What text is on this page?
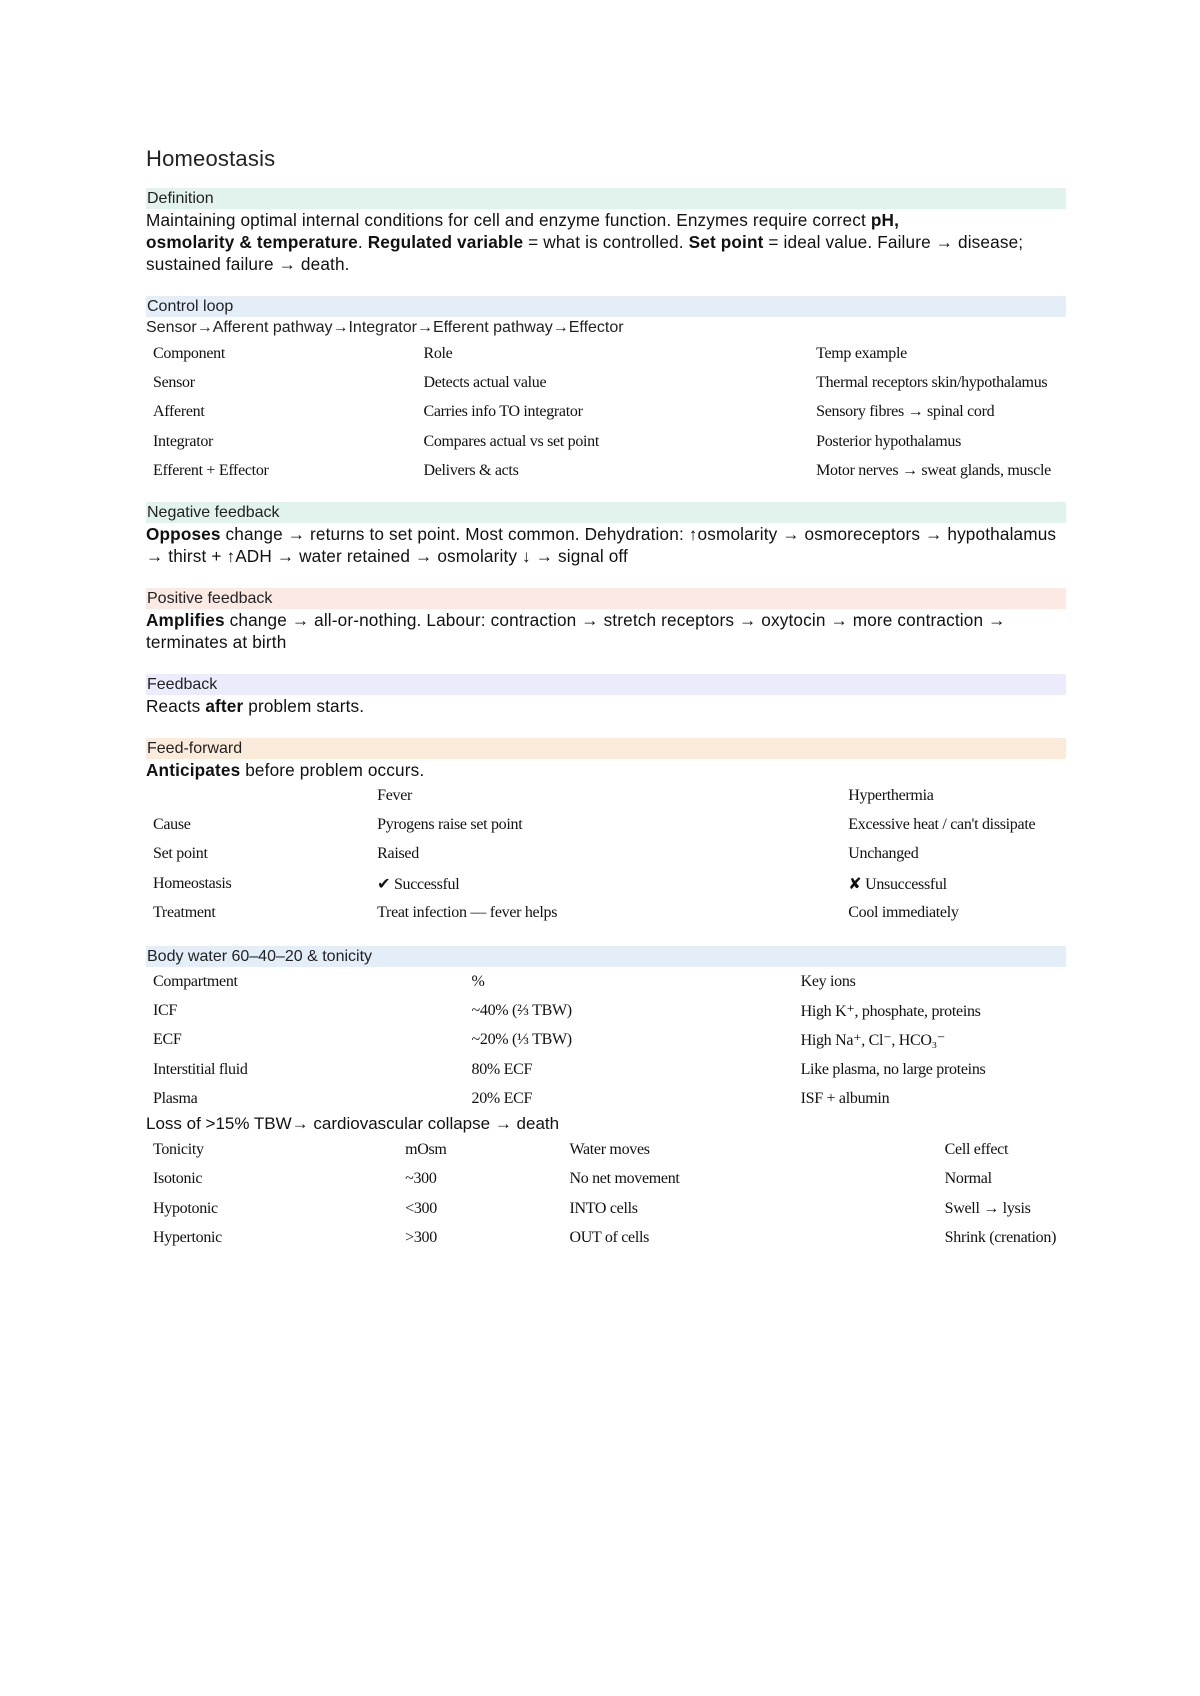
Homeostasis
Definition
Maintaining optimal internal conditions for cell and enzyme function. Enzymes require correct pH,
osmolarity & temperature. Regulated variable = what is controlled. Set point = ideal value. Failure → disease; sustained failure → death.
Control loop
Sensor→Afferent pathway→Integrator→Efferent pathway→Effector
Component	Role	Temp example
Sensor	Detects actual value	Thermal receptors skin/hypothalamus
Afferent	Carries info TO integrator	Sensory fibres → spinal cord
Integrator	Compares actual vs set point	Posterior hypothalamus
Efferent + Effector	Delivers & acts	Motor nerves → sweat glands, muscle
Negative feedback
Opposes change → returns to set point. Most common. Dehydration: ↑osmolarity → osmoreceptors → hypothalamus → thirst + ↑ADH → water retained → osmolarity ↓ → signal off
Positive feedback
Amplifies change → all-or-nothing. Labour: contraction → stretch receptors → oxytocin → more contraction → terminates at birth
Feedback
Reacts after problem starts.
Feed-forward
Anticipates before problem occurs.
	Fever	Hyperthermia
Cause	Pyrogens raise set point	Excessive heat / can't dissipate
Set point	Raised	Unchanged
Homeostasis	✔ Successful	✘ Unsuccessful
Treatment	Treat infection — fever helps	Cool immediately
Body water 60–40–20 & tonicity
Compartment	%	Key ions
ICF	~40% (⅔ TBW)	High K⁺, phosphate, proteins
ECF	~20% (⅓ TBW)	High Na⁺, Cl⁻, HCO₃⁻
Interstitial fluid	80% ECF	Like plasma, no large proteins
Plasma	20% ECF	ISF + albumin
Loss of >15% TBW→ cardiovascular collapse → death
Tonicity	mOsm	Water moves	Cell effect
Isotonic	~300	No net movement	Normal
Hypotonic	<300	INTO cells	Swell → lysis
Hypertonic	>300	OUT of cells	Shrink (crenation)
